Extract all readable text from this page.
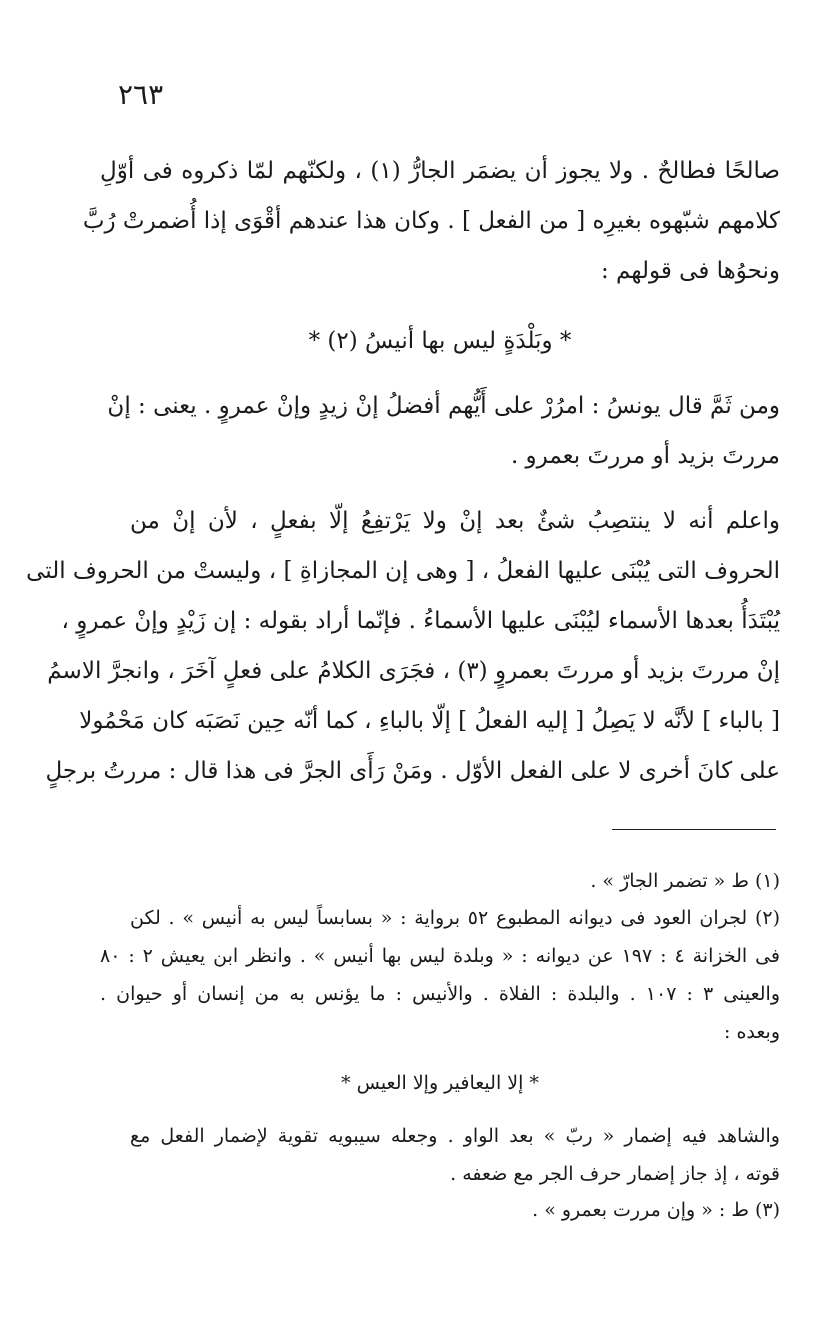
٢٦٣
صالحًا فطالحٌ . ولا يجوز أن يضمَر الجارُّ (١) ، ولكنّهم لمّا ذكروه فى أوّلِ
كلامهم شبّهوه بغيرِه [ من الفعل ] . وكان هذا عندهم أقْوَى إذا أُضمرتْ رُبَّ
ونحوُها فى قولهم :
* وبَلْدَةٍ ليس بها أنيسُ (٢) *
ومن ثَمَّ قال يونسُ : امرُرْ على أَيُّهم أفضلُ إنْ زيدٍ وإنْ عمروٍ . يعنى : إنْ
مررتَ بزيد أو مررتَ بعمرو .
واعلم أنه لا ينتصِبُ شئٌ بعد إنْ ولا يَرْتفِعُ إلّا بفعلٍ ، لأن إنْ من
الحروف التى يُبْنَى عليها الفعلُ ، [ وهى إن المجازاةِ ] ، وليستْ من الحروف التى
يُبْتَدَأُ بعدها الأسماء ليُبْنَى عليها الأسماءُ . فإنّما أراد بقوله : إن زَيْدٍ وإنْ عمروٍ ،
إنْ مررتَ بزيد أو مررتَ بعمروٍ (٣) ، فجَرَى الكلامُ على فعلٍ آخَرَ ، وانجرَّ الاسمُ
[ بالباء ] لأنَّه لا يَصِلُ [ إليه الفعلُ ] إلّا بالباءِ ، كما أنّه حِين نَصَبَه كان مَحْمُولا
على كانَ أخرى لا على الفعل الأوّل . ومَنْ رَأَى الجرَّ فى هذا قال : مررتُ برجلٍ
(١) ط « تضمر الجارّ » .
(٢) لجران العود فى ديوانه المطبوع ٥٢ برواية : « بسابساً ليس به أنيس » . لكن
فى الخزانة ٤ : ١٩٧ عن ديوانه : « وبلدة ليس بها أنيس » . وانظر ابن يعيش ٢ : ٨٠
والعينى ٣ : ١٠٧ . والبلدة : الفلاة . والأنيس : ما يؤنس به من إنسان أو حيوان .
وبعده :
* إلا اليعافير وإلا العيس *
والشاهد فيه إضمار « ربّ » بعد الواو . وجعله سيبويه تقوية لإضمار الفعل مع
قوته ، إذ جاز إضمار حرف الجر مع ضعفه .
(٣) ط : « وإن مررت بعمرو » .
